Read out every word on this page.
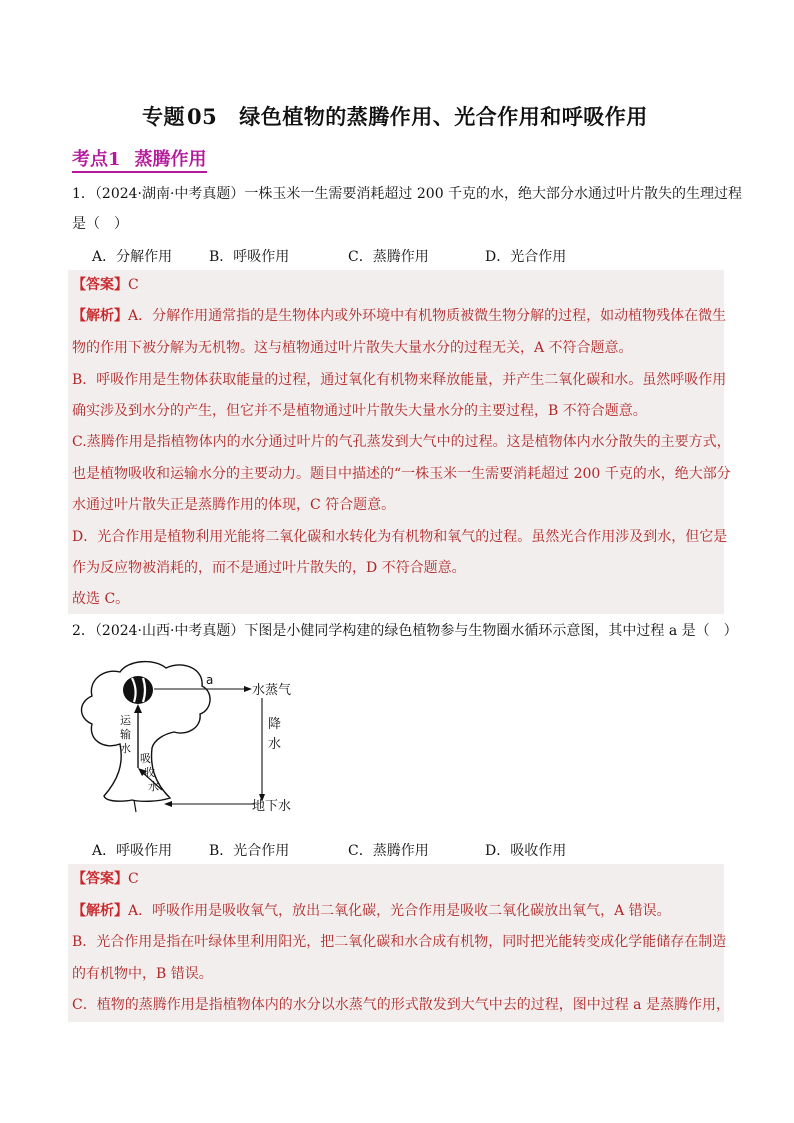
专题05 绿色植物的蒸腾作用、光合作用和呼吸作用
考点1 蒸腾作用
1．（2024·湖南·中考真题）一株玉米一生需要消耗超过 200 千克的水，绝大部分水通过叶片散失的生理过程
是（　）
A．分解作用	B．呼吸作用	C．蒸腾作用	D．光合作用
【答案】C
【解析】A．分解作用通常指的是生物体内或外环境中有机物质被微生物分解的过程，如动植物残体在微生
物的作用下被分解为无机物。这与植物通过叶片散失大量水分的过程无关，A 不符合题意。
B．呼吸作用是生物体获取能量的过程，通过氧化有机物来释放能量，并产生二氧化碳和水。虽然呼吸作用
确实涉及到水分的产生，但它并不是植物通过叶片散失大量水分的主要过程，B 不符合题意。
C.蒸腾作用是指植物体内的水分通过叶片的气孔蒸发到大气中的过程。这是植物体内水分散失的主要方式，
也是植物吸收和运输水分的主要动力。题目中描述的“一株玉米一生需要消耗超过 200 千克的水，绝大部分
水通过叶片散失正是蒸腾作用的体现，C 符合题意。
D．光合作用是植物利用光能将二氧化碳和水转化为有机物和氧气的过程。虽然光合作用涉及到水，但它是
作为反应物被消耗的，而不是通过叶片散失的，D 不符合题意。
故选 C。
2．（2024·山西·中考真题）下图是小健同学构建的绿色植物参与生物圈水循环示意图，其中过程 a 是（　）
a
水蒸气
降
水
地下水
运
输
水
吸
收
水
A．呼吸作用	B．光合作用	C．蒸腾作用	D．吸收作用
【答案】C
【解析】A．呼吸作用是吸收氧气，放出二氧化碳，光合作用是吸收二氧化碳放出氧气，A 错误。
B．光合作用是指在叶绿体里利用阳光，把二氧化碳和水合成有机物，同时把光能转变成化学能储存在制造
的有机物中，B 错误。
C．植物的蒸腾作用是指植物体内的水分以水蒸气的形式散发到大气中去的过程，图中过程 a 是蒸腾作用，
